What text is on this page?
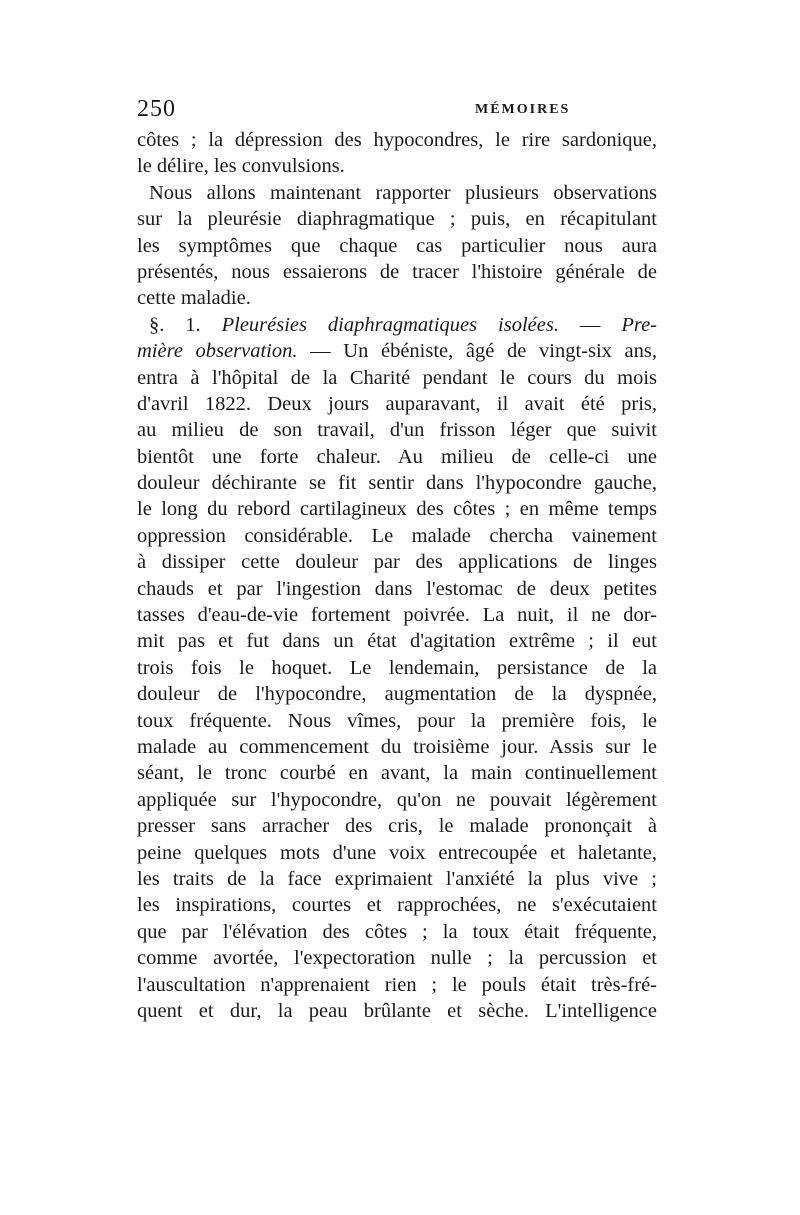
250	MÉMOIRES
côtes ; la dépression des hypocondres, le rire sardonique,
le délire, les convulsions.
Nous allons maintenant rapporter plusieurs observations
sur la pleurésie diaphragmatique ; puis, en récapitulant
les symptômes que chaque cas particulier nous aura
présentés, nous essaierons de tracer l'histoire générale de
cette maladie.
§. 1. Pleurésies diaphragmatiques isolées. — Pre-
mière observation. — Un ébéniste, âgé de vingt-six ans,
entra à l'hôpital de la Charité pendant le cours du mois
d'avril 1822. Deux jours auparavant, il avait été pris,
au milieu de son travail, d'un frisson léger que suivit
bientôt une forte chaleur. Au milieu de celle-ci une
douleur déchirante se fit sentir dans l'hypocondre gauche,
le long du rebord cartilagineux des côtes ; en même temps
oppression considérable. Le malade chercha vainement
à dissiper cette douleur par des applications de linges
chauds et par l'ingestion dans l'estomac de deux petites
tasses d'eau-de-vie fortement poivrée. La nuit, il ne dor-
mit pas et fut dans un état d'agitation extrême ; il eut
trois fois le hoquet. Le lendemain, persistance de la
douleur de l'hypocondre, augmentation de la dyspnée,
toux fréquente. Nous vîmes, pour la première fois, le
malade au commencement du troisième jour. Assis sur le
séant, le tronc courbé en avant, la main continuellement
appliquée sur l'hypocondre, qu'on ne pouvait légèrement
presser sans arracher des cris, le malade prononçait à
peine quelques mots d'une voix entrecoupée et haletante,
les traits de la face exprimaient l'anxiété la plus vive ;
les inspirations, courtes et rapprochées, ne s'exécutaient
que par l'élévation des côtes ; la toux était fréquente,
comme avortée, l'expectoration nulle ; la percussion et
l'auscultation n'apprenaient rien ; le pouls était très-fré-
quent et dur, la peau brûlante et sèche. L'intelligence
